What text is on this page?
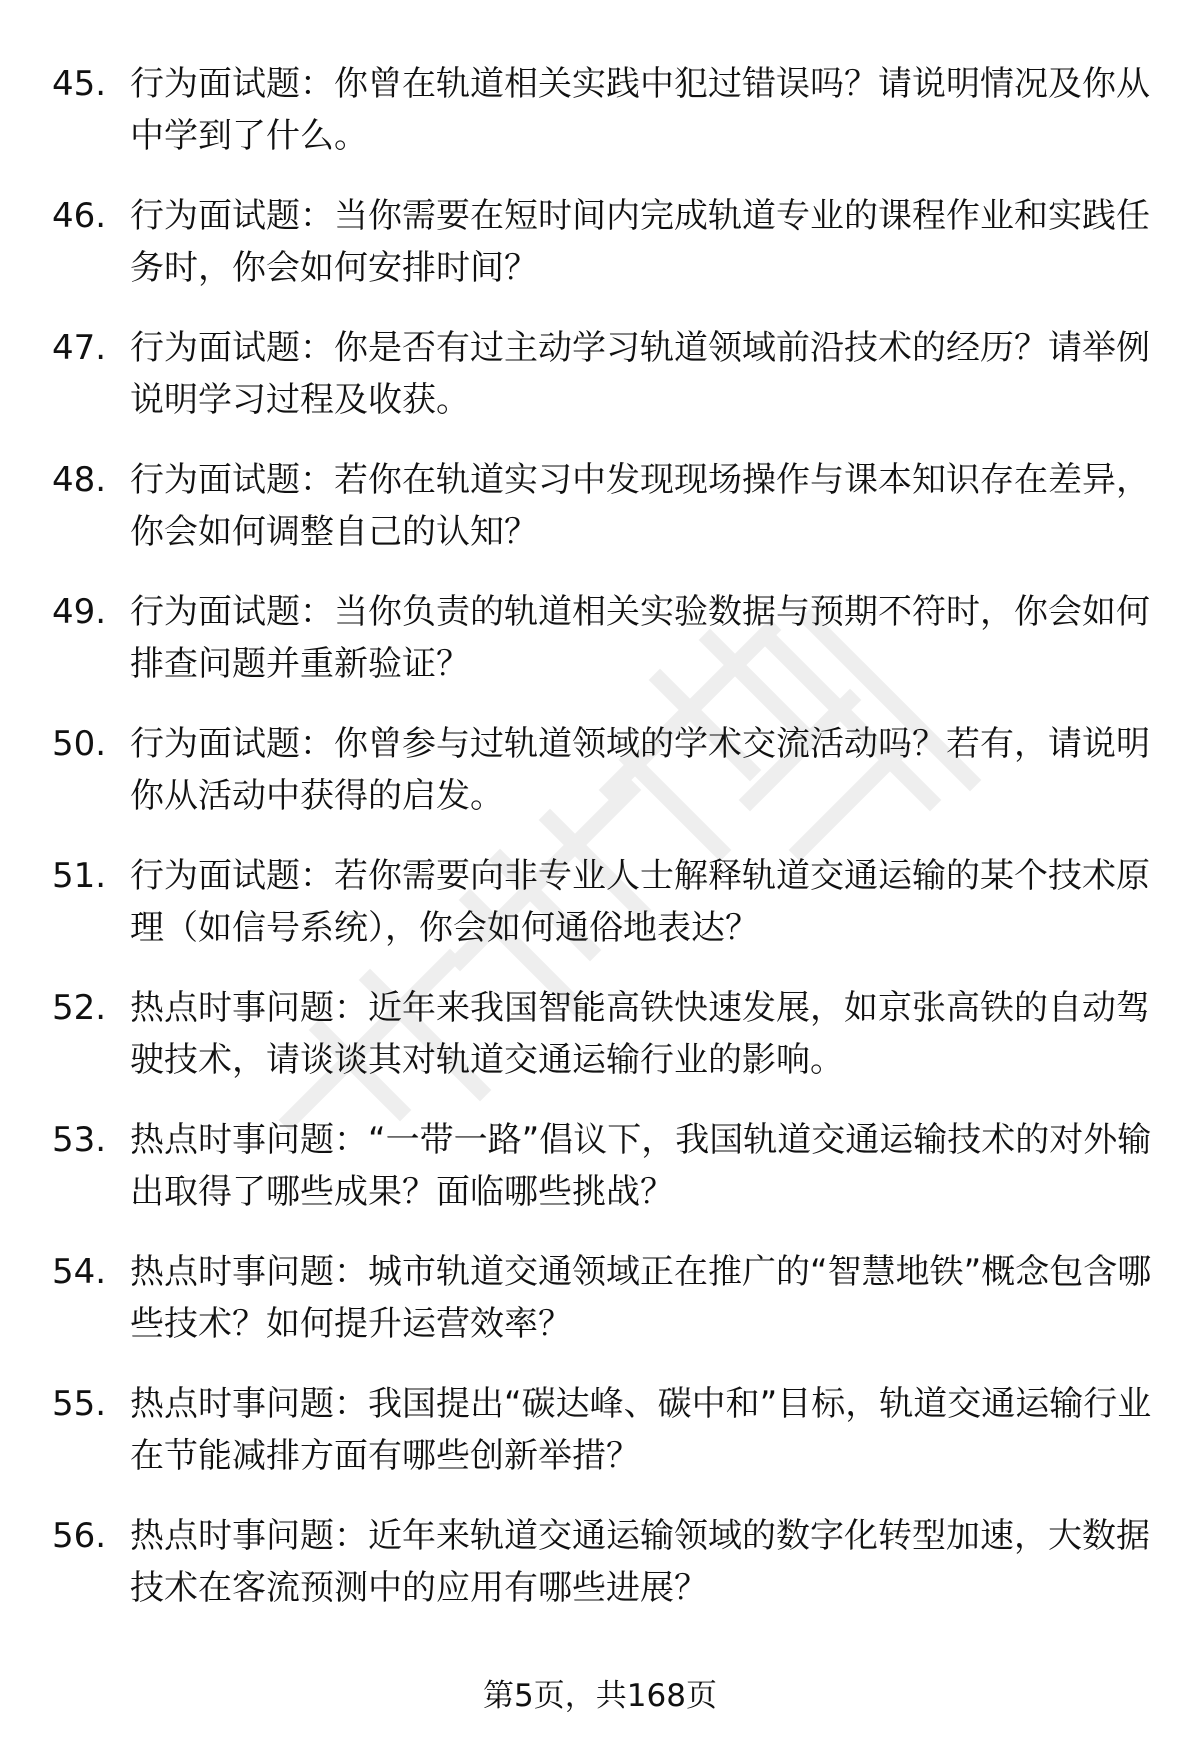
45. 行为面试题：你曾在轨道相关实践中犯过错误吗？请说明情况及你从中学到了什么。
46. 行为面试题：当你需要在短时间内完成轨道专业的课程作业和实践任务时，你会如何安排时间？
47. 行为面试题：你是否有过主动学习轨道领域前沿技术的经历？请举例说明学习过程及收获。
48. 行为面试题：若你在轨道实习中发现现场操作与课本知识存在差异，你会如何调整自己的认知？
49. 行为面试题：当你负责的轨道相关实验数据与预期不符时，你会如何排查问题并重新验证？
50. 行为面试题：你曾参与过轨道领域的学术交流活动吗？若有，请说明你从活动中获得的启发。
51. 行为面试题：若你需要向非专业人士解释轨道交通运输的某个技术原理（如信号系统），你会如何通俗地表达？
52. 热点时事问题：近年来我国智能高铁快速发展，如京张高铁的自动驾驶技术，请谈谈其对轨道交通运输行业的影响。
53. 热点时事问题：“一带一路”倡议下，我国轨道交通运输技术的对外输出取得了哪些成果？面临哪些挑战？
54. 热点时事问题：城市轨道交通领域正在推广的“智慧地铁”概念包含哪些技术？如何提升运营效率？
55. 热点时事问题：我国提出“碳达峰、碳中和”目标，轨道交通运输行业在节能减排方面有哪些创新举措？
56. 热点时事问题：近年来轨道交通运输领域的数字化转型加速，大数据技术在客流预测中的应用有哪些进展？
第5页，共168页
